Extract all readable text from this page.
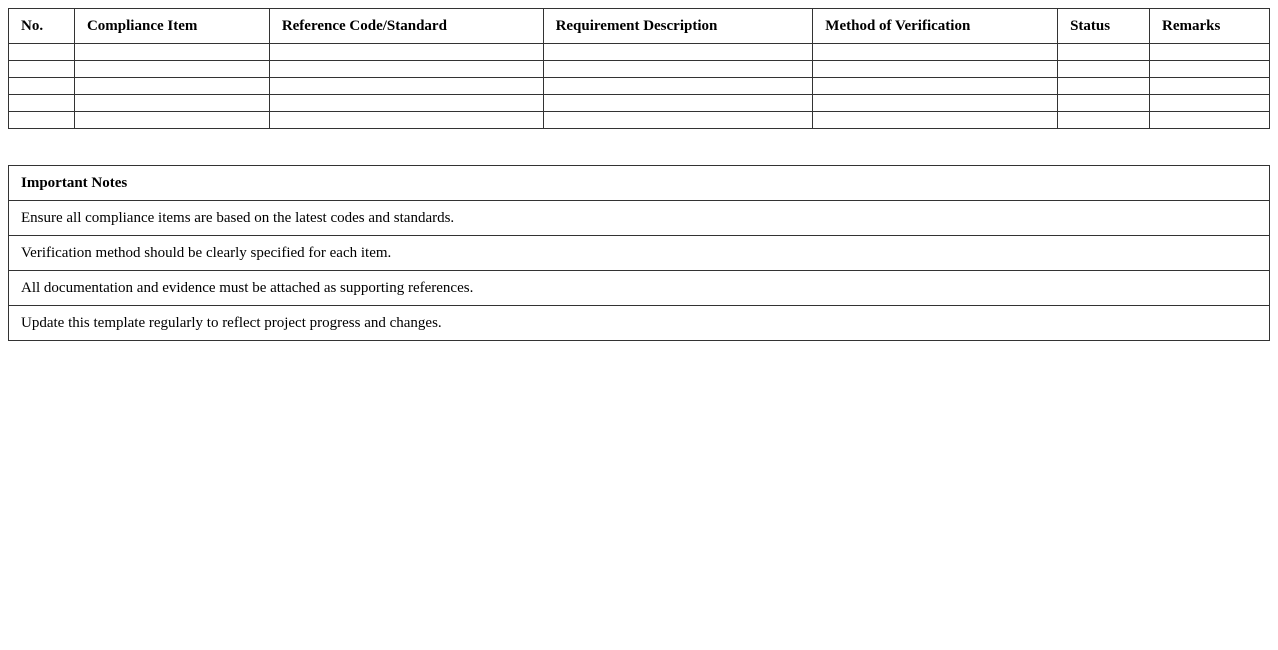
No.	Compliance Item	Reference Code/Standard	Requirement Description	Method of Verification	Status	Remarks

Important Notes
Ensure all compliance items are based on the latest codes and standards.
Verification method should be clearly specified for each item.
All documentation and evidence must be attached as supporting references.
Update this template regularly to reflect project progress and changes.
